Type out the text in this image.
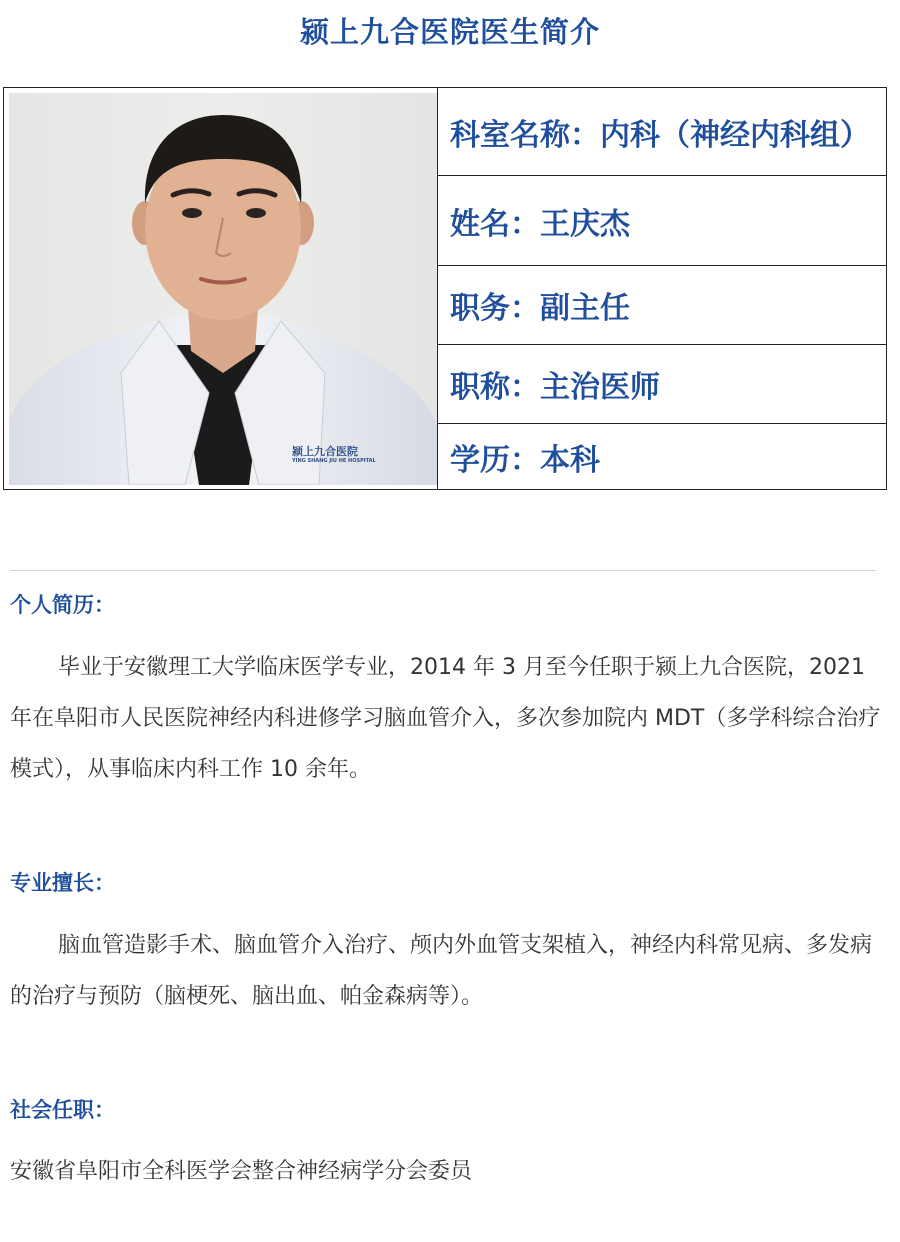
颍上九合医院医生简介
颍上九合医院
YING SHANG JIU HE HOSPITAL
科室名称： 内科（神经内科组）
姓名： 王庆杰
职务： 副主任
职称： 主治医师
学历： 本科
个人简历：
毕业于安徽理工大学临床医学专业，2014 年 3 月至今任职于颍上九合医院，2021 年在阜阳市人民医院神经内科进修学习脑血管介入，多次参加院内 MDT（多学科综合治疗模式），从事临床内科工作 10 余年。
专业擅长：
脑血管造影手术、脑血管介入治疗、颅内外血管支架植入，神经内科常见病、多发病的治疗与预防（脑梗死、脑出血、帕金森病等）。
社会任职：
安徽省阜阳市全科医学会整合神经病学分会委员
